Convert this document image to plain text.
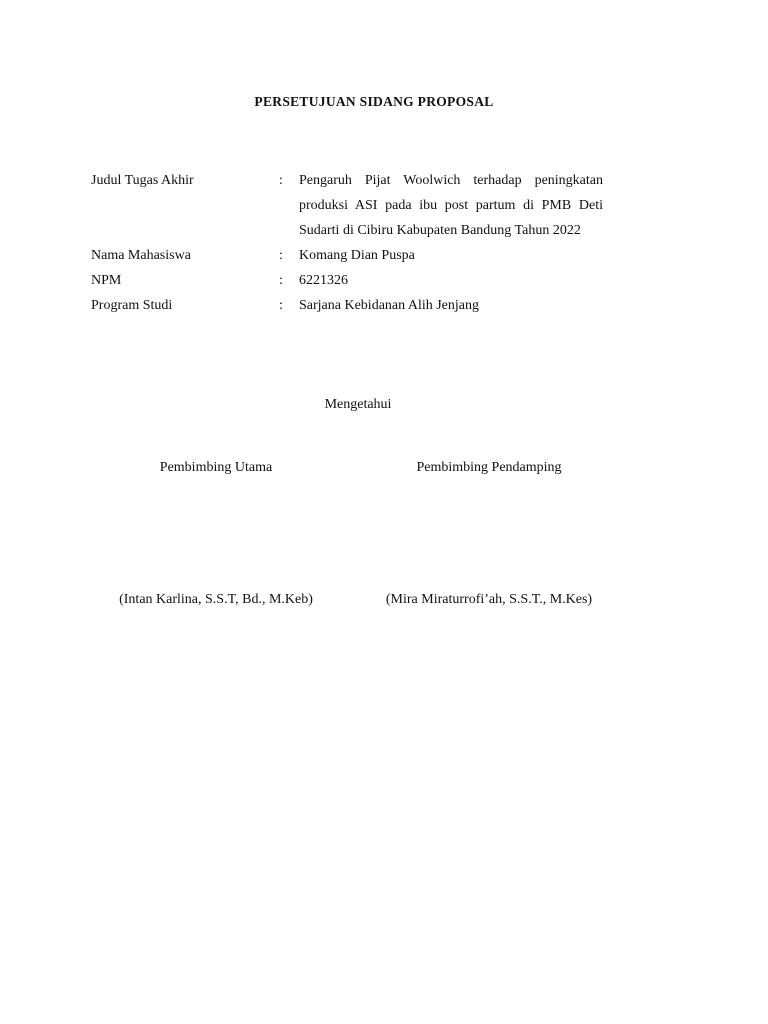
PERSETUJUAN SIDANG PROPOSAL
Judul Tugas Akhir	:	Pengaruh Pijat Woolwich terhadap peningkatan produksi ASI pada ibu post partum di PMB Deti Sudarti di Cibiru Kabupaten Bandung Tahun 2022
Nama Mahasiswa	:	Komang Dian Puspa
NPM	:	6221326
Program Studi	:	Sarjana Kebidanan Alih Jenjang
Mengetahui
Pembimbing Utama	Pembimbing Pendamping
(Intan Karlina, S.S.T, Bd., M.Keb)	(Mira Miraturrofi’ah, S.S.T., M.Kes)
